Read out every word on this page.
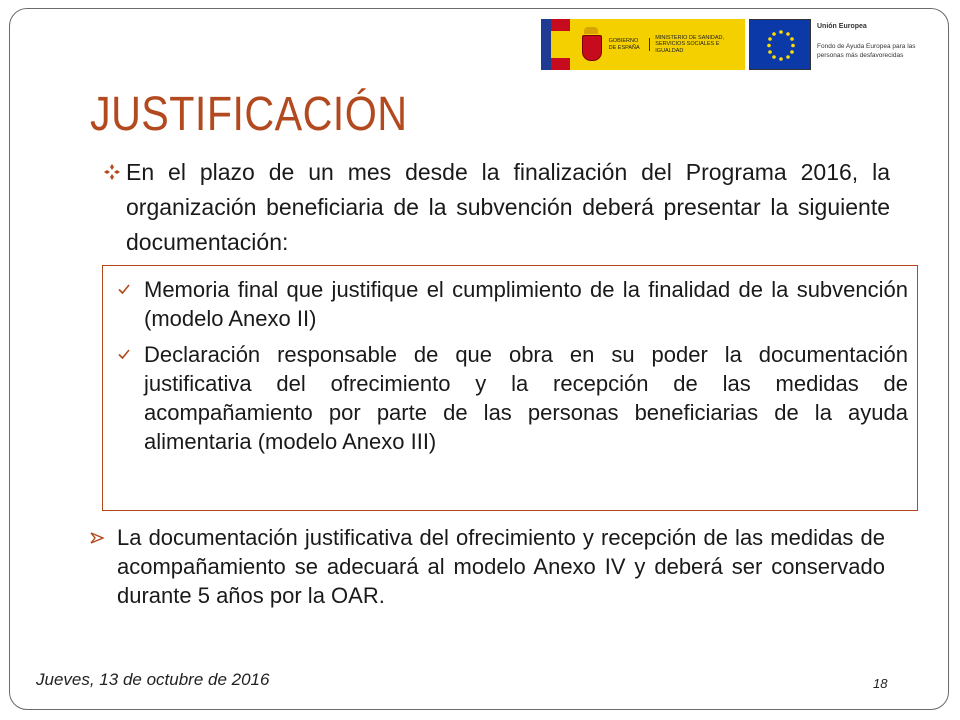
GOBIERNO DE ESPAÑA
MINISTERIO DE SANIDAD, SERVICIOS SOCIALES E IGUALDAD
Unión Europea
Fondo de Ayuda Europea para las personas más desfavorecidas
JUSTIFICACIÓN
En el plazo de un mes desde la finalización del Programa 2016, la organización beneficiaria de la subvención deberá presentar la siguiente documentación:
Memoria final que justifique el cumplimiento de la finalidad de la subvención (modelo Anexo II)
Declaración responsable de que obra en su poder la documentación justificativa del ofrecimiento y la recepción de las medidas de acompañamiento por parte de las personas beneficiarias de la ayuda alimentaria (modelo Anexo III)
La documentación justificativa del ofrecimiento y recepción de las medidas de acompañamiento se adecuará al modelo Anexo IV y deberá ser conservado durante 5 años por la OAR.
Jueves, 13 de octubre de 2016	18
